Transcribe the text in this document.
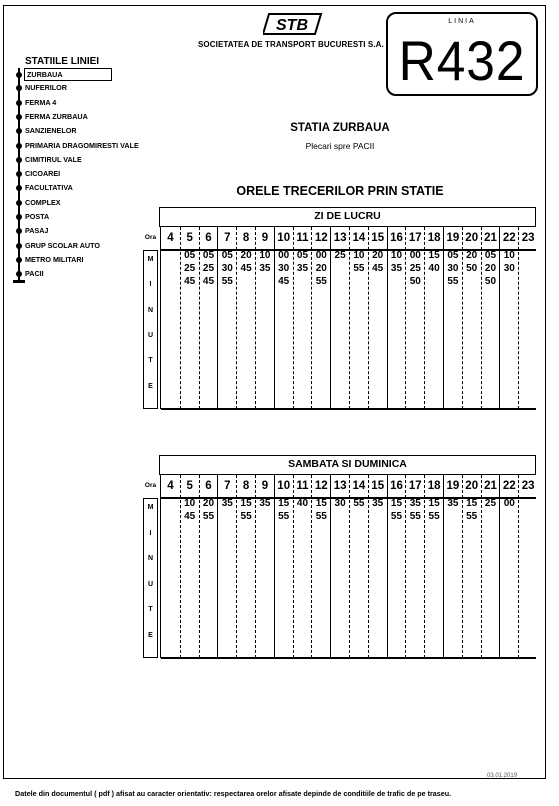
STB
SOCIETATEA DE TRANSPORT BUCURESTI S.A.
LINIA
R432
STATIILE LINIEI
ZURBAUA
NUFERILOR
FERMA 4
FERMA ZURBAUA
SANZIENELOR
PRIMARIA DRAGOMIRESTI VALE
CIMITIRUL VALE
CICOAREI
FACULTATIVA
COMPLEX
POSTA
PASAJ
GRUP SCOLAR AUTO
METRO MILITARI
PACII
STATIA ZURBAUA
Plecari spre PACII
ORELE TRECERILOR PRIN STATIE
ZI DE LUCRU
Ora
M
I
N
U
T
E
4	5
05
25
45
6
05
25
45
7
05
30
55
8
20
45
9
10
35
10
00
30
45
11
05
35
12
00
20
55
13
25
14
10
55
15
20
45
16
10
35
17
00
25
50
18
15
40
19
05
30
55
20
20
50
21
05
20
50
22
10
30
23
SAMBATA SI DUMINICA
Ora
M
I
N
U
T
E
4	5
10
45
6
20
55
7
35
8
15
55
9
35
10
15
55
11
40
12
15
55
13
30
14
55
15
35
16
15
55
17
35
55
18
15
55
19
35
20
15
55
21
25
22
00
23
03.01.2019
Datele din documentul ( pdf ) afisat au caracter orientativ: respectarea orelor afisate depinde de conditiile de trafic de pe traseu.
